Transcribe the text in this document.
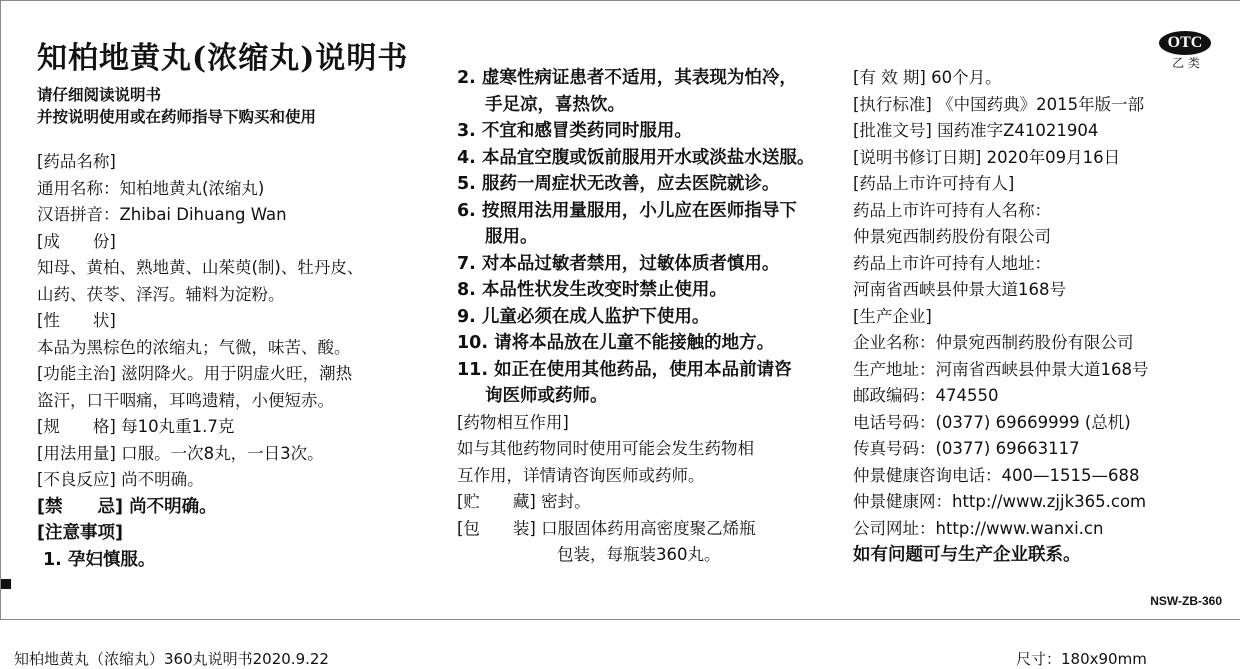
知柏地黄丸(浓缩丸)说明书
请仔细阅读说明书
并按说明使用或在药师指导下购买和使用
OTC
乙 类
[药品名称]
通用名称：知柏地黄丸(浓缩丸)
汉语拼音：Zhibai Dihuang Wan
[成　　份]
知母、黄柏、熟地黄、山茱萸(制)、牡丹皮、
山药、茯苓、泽泻。辅料为淀粉。
[性　　状]
本品为黑棕色的浓缩丸；气微，味苦、酸。
[功能主治] 滋阴降火。用于阴虚火旺，潮热
盗汗，口干咽痛，耳鸣遗精，小便短赤。
[规　　格] 每10丸重1.7克
[用法用量] 口服。一次8丸，一日3次。
[不良反应] 尚不明确。
[禁　　忌] 尚不明确。
[注意事项]
1. 孕妇慎服。
2. 虚寒性病证患者不适用，其表现为怕冷，
手足凉，喜热饮。
3. 不宜和感冒类药同时服用。
4. 本品宜空腹或饭前服用开水或淡盐水送服。
5. 服药一周症状无改善，应去医院就诊。
6. 按照用法用量服用，小儿应在医师指导下
服用。
7. 对本品过敏者禁用，过敏体质者慎用。
8. 本品性状发生改变时禁止使用。
9. 儿童必须在成人监护下使用。
10. 请将本品放在儿童不能接触的地方。
11. 如正在使用其他药品，使用本品前请咨
询医师或药师。
[药物相互作用]
如与其他药物同时使用可能会发生药物相
互作用，详情请咨询医师或药师。
[贮　　藏] 密封。
[包　　装] 口服固体药用高密度聚乙烯瓶
包装，每瓶装360丸。
[有 效 期] 60个月。
[执行标准] 《中国药典》2015年版一部
[批准文号] 国药准字Z41021904
[说明书修订日期] 2020年09月16日
[药品上市许可持有人]
药品上市许可持有人名称：
仲景宛西制药股份有限公司
药品上市许可持有人地址：
河南省西峡县仲景大道168号
[生产企业]
企业名称：仲景宛西制药股份有限公司
生产地址：河南省西峡县仲景大道168号
邮政编码：474550
电话号码：(0377) 69669999 (总机)
传真号码：(0377) 69663117
仲景健康咨询电话：400—1515—688
仲景健康网：http://www.zjjk365.com
公司网址：http://www.wanxi.cn
如有问题可与生产企业联系。
NSW-ZB-360
知柏地黄丸（浓缩丸）360丸说明书2020.9.22	尺寸：180x90mm
